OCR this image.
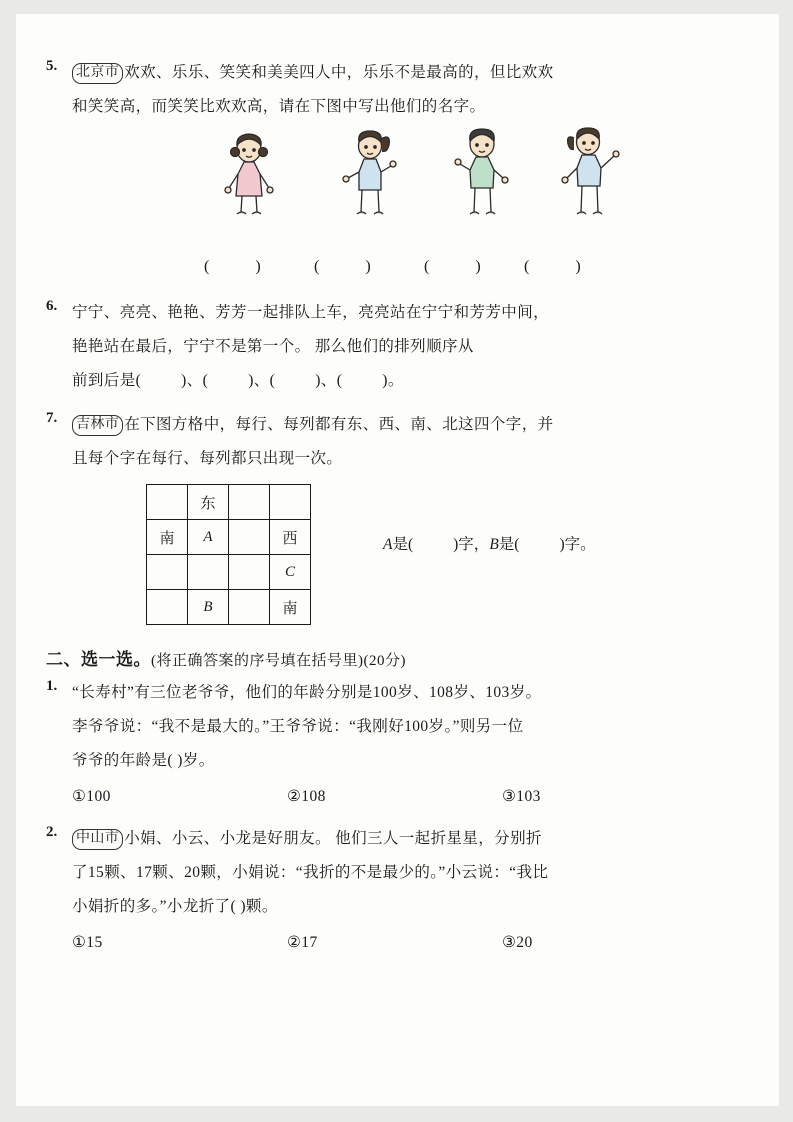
5.	北京市 欢欢、乐乐、笑笑和美美四人中，乐乐不是最高的，但比欢欢

和笑笑高，而笑笑比欢欢高，请在下图中写出他们的名字。

(         )	(         )	(         )	(         )
6. 宁宁、亮亮、艳艳、芳芳一起排队上车，亮亮站在宁宁和芳芳中间，

艳艳站在最后，宁宁不是第一个。 那么他们的排列顺序从

前到后是(	)、(	)、(	)、(	)。

7.	吉林市 在下图方格中，每行、每列都有东、西、南、北这四个字，并

且每个字在每行、每列都只出现一次。

	东		
南	A		西
			C
	B		南
A是(	)字，B是(	)字。
二、选一选。(将正确答案的序号填在括号里)(20分)
1. “长寿村”有三位老爷爷，他们的年龄分别是100岁、108岁、103岁。

李爷爷说：“我不是最大的。”王爷爷说：“我刚好100岁。”则另一位

爷爷的年龄是( )岁。

①100	②108	③103
2.	中山市 小娟、小云、小龙是好朋友。 他们三人一起折星星，分别折

了15颗、17颗、20颗，小娟说：“我折的不是最少的。”小云说：“我比

小娟折的多。”小龙折了( )颗。

①15	②17	③20
